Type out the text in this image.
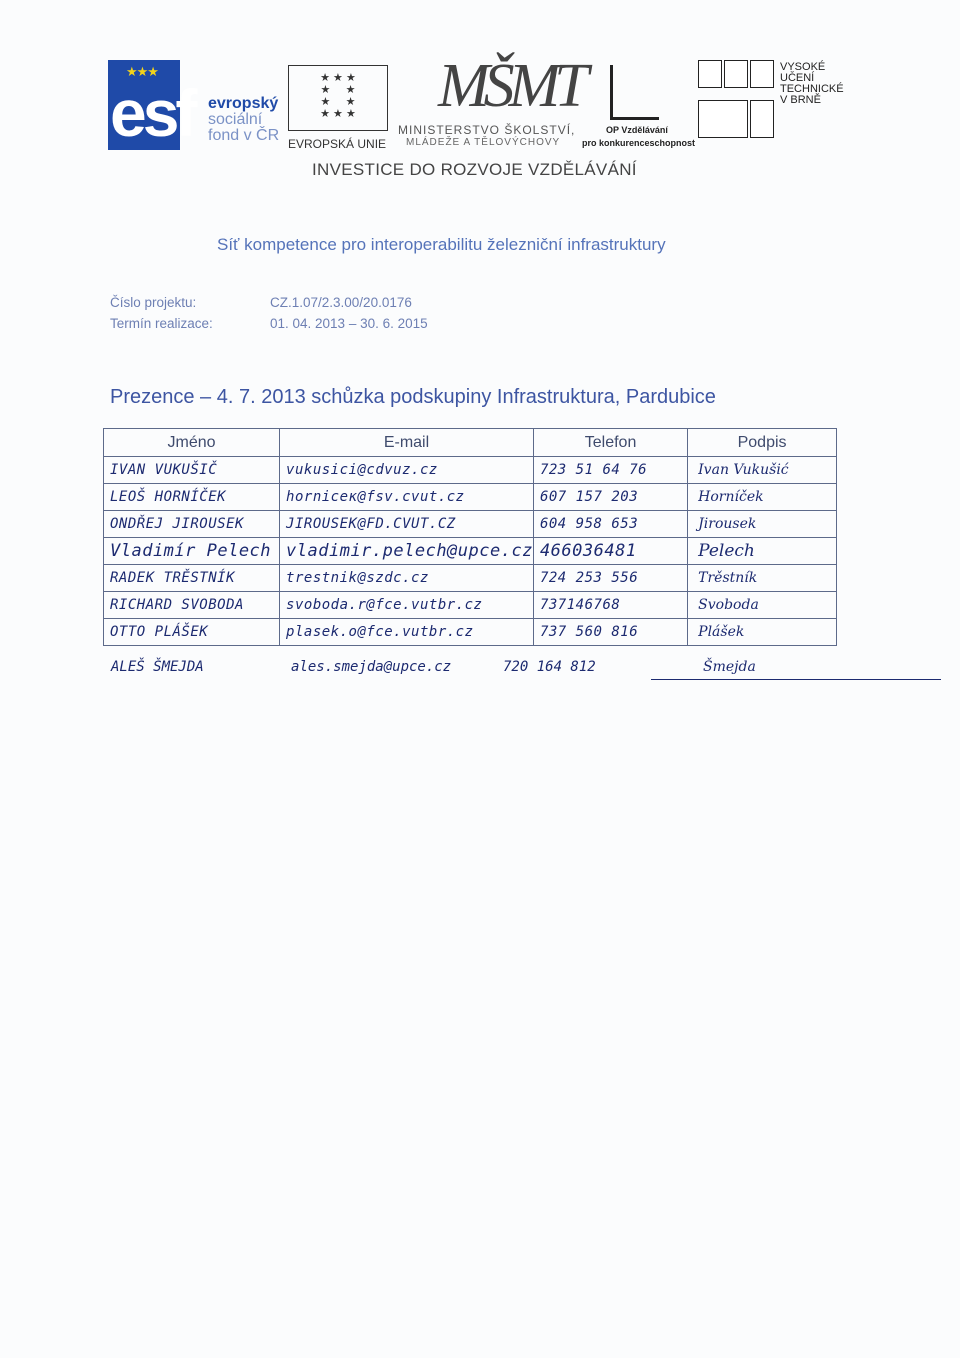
★★★
esf evropský
sociální
fond v ČR
★ ★ ★
★     ★
★     ★
★ ★ ★
EVROPSKÁ UNIE
MŠMT
MINISTERSTVO ŠKOLSTVÍ,
MLÁDEŽE A TĚLOVÝCHOVY
OP Vzdělávání
pro konkurenceschopnost
VYSOKÉ
UČENÍ
TECHNICKÉ
V BRNĚ
INVESTICE DO ROZVOJE VZDĚLÁVÁNÍ
Síť kompetence pro interoperabilitu železniční infrastruktury
Číslo projektu:	CZ.1.07/2.3.00/20.0176
Termín realizace:	01. 04. 2013 – 30. 6. 2015
Prezence – 4. 7. 2013 schůzka podskupiny Infrastruktura, Pardubice
Jméno	E-mail	Telefon	Podpis
IVAN VUKUŠIČ	vukusici@cdvuz.cz	723 51 64 76	Ivan Vukušić
LEOŠ HORNÍČEK	horniceк@fsv.cvut.cz	607 157 203	Horníček
ONDŘEJ JIROUSEK	JIROUSEK@FD.CVUT.CZ	604 958 653	Jirousek
Vladimír Pelech	vladimir.pelech@upce.cz	466036481	Pelech
RADEK TRĚSTNÍK	trestnik@szdc.cz	724 253 556	Trěstník
RICHARD SVOBODA	svoboda.r@fce.vutbr.cz	737146768	Svoboda
OTTO PLÁŠEK	plasek.o@fce.vutbr.cz	737 560 816	Plášek
ALEŠ ŠMEJDA	ales.smejda@upce.cz	720 164 812	Šmejda
